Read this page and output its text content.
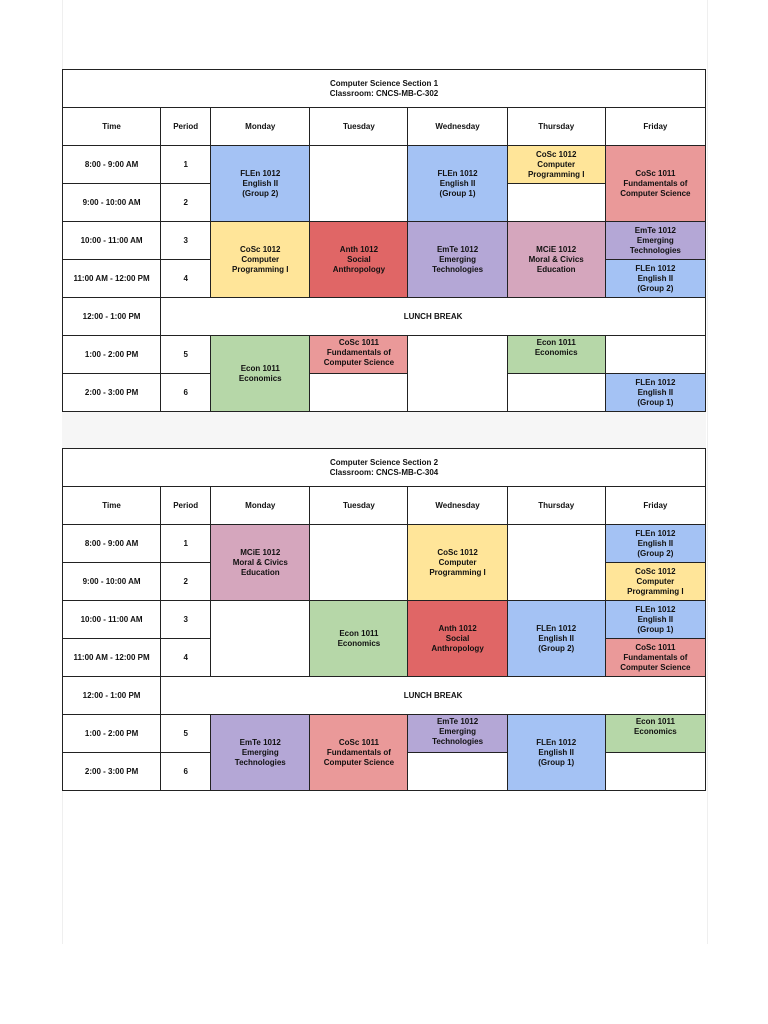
Computer Science Section 1
Classroom: CNCS-MB-C-302						

Time	Period	Monday	Tuesday	Wednesday	Thursday	Friday
8:00 - 9:00 AM	1	FLEn 1012
English II
(Group 2)		FLEn 1012
English II
(Group 1)	CoSc 1012
Computer
Programming I	CoSc 1011
Fundamentals of
Computer Science

9:00 - 10:00 AM	2					
10:00 - 11:00 AM	3	CoSc 1012
Computer
Programming I	Anth 1012
Social
Anthropology	EmTe 1012
Emerging
Technologies	MCiE 1012
Moral & Civics
Education	EmTe 1012
Emerging
Technologies

11:00 AM - 12:00 PM	4					FLEn 1012
English II
(Group 2)

12:00 - 1:00 PM	LUNCH BREAK					
1:00 - 2:00 PM	5	Econ 1011
Economics	CoSc 1011
Fundamentals of
Computer Science		Econ 1011
Economics	

2:00 - 3:00 PM	6					FLEn 1012
English II
(Group 1)
Computer Science Section 2
Classroom: CNCS-MB-C-304						

Time	Period	Monday	Tuesday	Wednesday	Thursday	Friday
8:00 - 9:00 AM	1	MCiE 1012
Moral & Civics
Education		CoSc 1012
Computer
Programming I		FLEn 1012
English II
(Group 2)

9:00 - 10:00 AM	2					CoSc 1012
Computer
Programming I

10:00 - 11:00 AM	3		Econ 1011
Economics	Anth 1012
Social
Anthropology	FLEn 1012
English II
(Group 2)	FLEn 1012
English II
(Group 1)

11:00 AM - 12:00 PM	4					CoSc 1011
Fundamentals of
Computer Science

12:00 - 1:00 PM	LUNCH BREAK					
1:00 - 2:00 PM	5	EmTe 1012
Emerging
Technologies	CoSc 1011
Fundamentals of
Computer Science	EmTe 1012
Emerging
Technologies	FLEn 1012
English II
(Group 1)	Econ 1011
Economics

2:00 - 3:00 PM	6					
